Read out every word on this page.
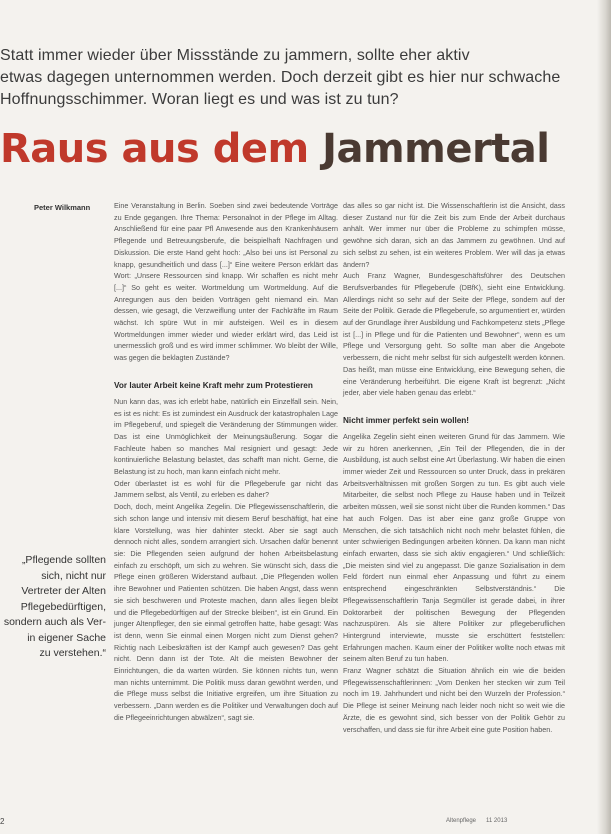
Statt immer wieder über Missstände zu jammern, sollte eher aktiv

etwas dagegen unternommen werden. Doch derzeit gibt es hier nur schwache

Hoffnungsschimmer. Woran liegt es und was ist zu tun?

Raus aus dem Jammertal
Peter Wilkmann	Eine Veranstaltung in Berlin. Soeben sind zwei bedeutende Vorträge zu Ende gegangen. Ihre Thema: Personalnot in der Pflege im Alltag. Anschließend für eine paar Pfl Anwesende aus den Krankenhäusern Pflegende und Betreuungsberufe, die beispielhaft Nachfragen und Diskussion. Die erste Hand geht hoch: „Also bei uns ist Personal zu knapp, gesundheitlich und dass [...]“ Eine weitere Person erklärt das Wort: „Unsere Ressourcen sind knapp. Wir schaffen es nicht mehr [...]“ So geht es weiter. Wortmeldung um Wortmeldung. Auf die Anregungen aus den beiden Vorträgen geht niemand ein. Man dessen, wie gesagt, die Verzweiflung unter der Fachkräfte im Raum wächst. Ich spüre Wut in mir aufsteigen. Weil es in diesem Wortmeldungen immer wieder und wieder erklärt wird, das Leid ist unermesslich groß und es wird immer schlimmer. Wo bleibt der Wille, was gegen die beklagten Zustände?

Vor lauter Arbeit keine Kraft mehr zum Protestieren

Nun kann das, was ich erlebt habe, natürlich ein Einzelfall sein. Nein, es ist es nicht: Es ist zumindest ein Ausdruck der katastrophalen Lage im Pflegeberuf, und spiegelt die Veränderung der Stimmungen wider. Das ist eine Unmöglichkeit der Meinungsäußerung. Sogar die Fachleute haben so manches Mal resigniert und gesagt: Jede kontinuierliche Belastung belastet, das schafft man nicht. Gerne, die Belastung ist zu hoch, man kann einfach nicht mehr.

Oder überlastet ist es wohl für die Pflegeberufe gar nicht das Jammern selbst, als Ventil, zu erleben es daher?

Doch, doch, meint Angelika Zegelin. Die Pflegewissenschaftlerin, die sich schon lange und intensiv mit diesem Beruf beschäftigt, hat eine klare Vorstellung, was hier dahinter steckt. Aber sie sagt auch dennoch nicht alles, sondern arrangiert sich. Ursachen dafür benennt sie: Die Pflegenden seien aufgrund der hohen Arbeitsbelastung einfach zu erschöpft, um sich zu wehren. Sie wünscht sich, dass die Pflege einen größeren Widerstand aufbaut. „Die Pflegenden wollen ihre Bewohner und Patienten schützen. Die haben Angst, dass wenn sie sich beschweren und Proteste machen, dann alles liegen bleibt und die Pflegebedürftigen auf der Strecke bleiben“, ist ein Grund. Ein junger Altenpfleger, den sie einmal getroffen hatte, habe gesagt: Was ist denn, wenn Sie einmal einen Morgen nicht zum Dienst gehen? Richtig nach Leibeskräften ist der Kampf auch gewesen? Das geht nicht. Denn dann ist der Tote. Alt die meisten Bewohner der Einrichtungen, die da warten würden. Sie können nichts tun, wenn man nichts unternimmt. Die Politik muss daran gewöhnt werden, und die Pflege muss selbst die Initiative ergreifen, um ihre Situation zu verbessern. „Dann werden es die Politiker und Verwaltungen doch auf die Pflegeeinrichtungen abwälzen“, sagt sie.

das alles so gar nicht ist. Die Wissenschaftlerin ist die Ansicht, dass dieser Zustand nur für die Zeit bis zum Ende der Arbeit durchaus anhält. Wer immer nur über die Probleme zu schimpfen müsse, gewöhne sich daran, sich an das Jammern zu gewöhnen. Und auf sich selbst zu sehen, ist ein weiteres Problem. Wer will das ja etwas ändern?

Auch Franz Wagner, Bundesgeschäftsführer des Deutschen Berufsverbandes für Pflegeberufe (DBfK), sieht eine Entwicklung. Allerdings nicht so sehr auf der Seite der Pflege, sondern auf der Seite der Politik. Gerade die Pflegeberufe, so argumentiert er, würden auf der Grundlage ihrer Ausbildung und Fachkompetenz stets „Pflege ist [...] in Pflege und für die Patienten und Bewohner“, wenn es um Pflege und Versorgung geht. So sollte man aber die Angebote verbessern, die nicht mehr selbst für sich aufgestellt werden können. Das heißt, man müsse eine Entwicklung, eine Bewegung sehen, die eine Veränderung herbeiführt. Die eigene Kraft ist begrenzt: „Nicht jeder, aber viele haben genau das erlebt.“

Nicht immer perfekt sein wollen!

Angelika Zegelin sieht einen weiteren Grund für das Jammern. Wie wir zu hören anerkennen, „Ein Teil der Pflegenden, die in der Ausbildung, ist auch selbst eine Art Überlastung. Wir haben die einen immer wieder Zeit und Ressourcen so unter Druck, dass in prekären Arbeitsverhältnissen mit großen Sorgen zu tun. Es gibt auch viele Mitarbeiter, die selbst noch Pflege zu Hause haben und in Teilzeit arbeiten müssen, weil sie sonst nicht über die Runden kommen.“ Das hat auch Folgen. Das ist aber eine ganz große Gruppe von Menschen, die sich tatsächlich nicht noch mehr belastet fühlen, die unter schwierigen Bedingungen arbeiten können. Da kann man nicht einfach erwarten, dass sie sich aktiv engagieren.“ Und schließlich: „Die meisten sind viel zu angepasst. Die ganze Sozialisation in dem Feld fördert nun einmal eher Anpassung und führt zu einem entsprechend eingeschränkten Selbstverständnis.“ Die Pflegewissenschaftlerin Tanja Segmüller ist gerade dabei, in ihrer Doktorarbeit der politischen Bewegung der Pflegenden nachzuspüren. Als sie ältere Politiker zur pflegeberuflichen Hintergrund interviewte, musste sie erschüttert feststellen: Erfahrungen machen. Kaum einer der Politiker wollte noch etwas mit seinem alten Beruf zu tun haben.

Franz Wagner schätzt die Situation ähnlich ein wie die beiden Pflegewissenschaftlerinnen: „Vom Denken her stecken wir zum Teil noch im 19. Jahrhundert und nicht bei den Wurzeln der Profession.“ Die Pflege ist seiner Meinung nach leider noch nicht so weit wie die Ärzte, die es gewohnt sind, sich besser von der Politik Gehör zu verschaffen, und dass sie für ihre Arbeit eine gute Position haben.

„Pflegende sollten

sich, nicht nur

Vertreter der Alten

Pflegebedürftigen,

sondern auch als Ver-

in eigener Sache

zu verstehen.“

2	Altenpflege 11 2013
